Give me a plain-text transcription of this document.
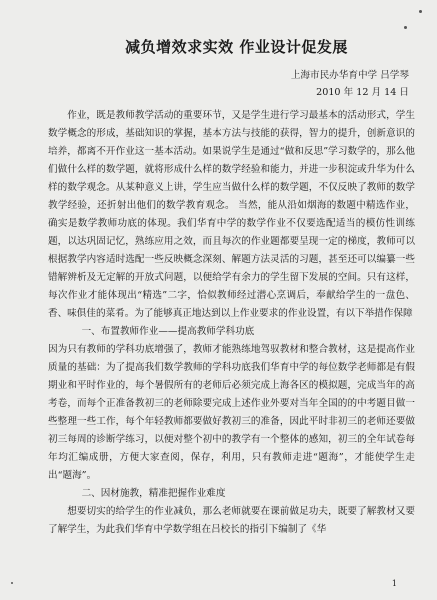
减负增效求实效 作业设计促发展
上海市民办华育中学 吕学琴
2010 年 12 月 14 日

作业，既是教师教学活动的重要环节，又是学生进行学习最基本的活动形式，学生数学概念的形成，基础知识的掌握，基本方法与技能的获得，智力的提升，创新意识的培养，都离不开作业这一基本活动。如果说学生是通过“做和反思”学习数学的，那么他们做什么样的数学题，就将形成什么样的数学经验和能力，并进一步积淀或升华为什么样的数学观念。从某种意义上讲，学生应当做什么样的数学题，不仅反映了教师的数学教学经验，还折射出他们的数学教育观念。 当然，能从沿如烟海的数题中精选作业，确实是数学教师功底的体现。我们华育中学的数学作业不仅要选配适当的模仿性训练题，以达巩固记忆，熟练应用之效，而且每次的作业题都要呈现一定的梯度，教师可以根据教学内容适时选配一些反映概念深刻、解题方法灵活的习题，甚至还可以编纂一些错解辨析及无定解的开放式问题，以便给学有余力的学生留下发展的空间。只有这样，每次作业才能体现出“精选”二字，恰似教师经过潜心烹调后，奉献给学生的一盘色、香、味俱佳的菜肴。为了能够真正地达到以上作业要求的作业设置，有以下举措作保障

一、布置教师作业——提高教师学科功底

因为只有教师的学科功底增强了，教师才能熟练地驾驭教材和整合教材，这是提高作业质量的基础：为了提高我们数学教师的学科功底我们华育中学的每位数学老师都是有假期业和平时作业的，每个暑假所有的老师后必须完成上海各区的模拟题，完成当年的高考卷，而每个正准备教初三的老师除要完成上述作业外要对当年全国的的中考题目做一些整理一些工作，每个年轻教师都要做好教初三的准备，因此平时非初三的老师还要做初三每周的诊断学练习，以便对整个初中的教学有一个整体的感知，初三的全年试卷每年均汇编成册，方便大家查阅，保存，利用，只有教师走进“题海”，才能使学生走出“题海”。

二、因材施教，精准把握作业难度

想要切实的给学生的作业减负，那么老师就要在课前做足功夫，既要了解教材又要了解学生，为此我们华育中学数学组在吕校长的指引下编制了《华

1
